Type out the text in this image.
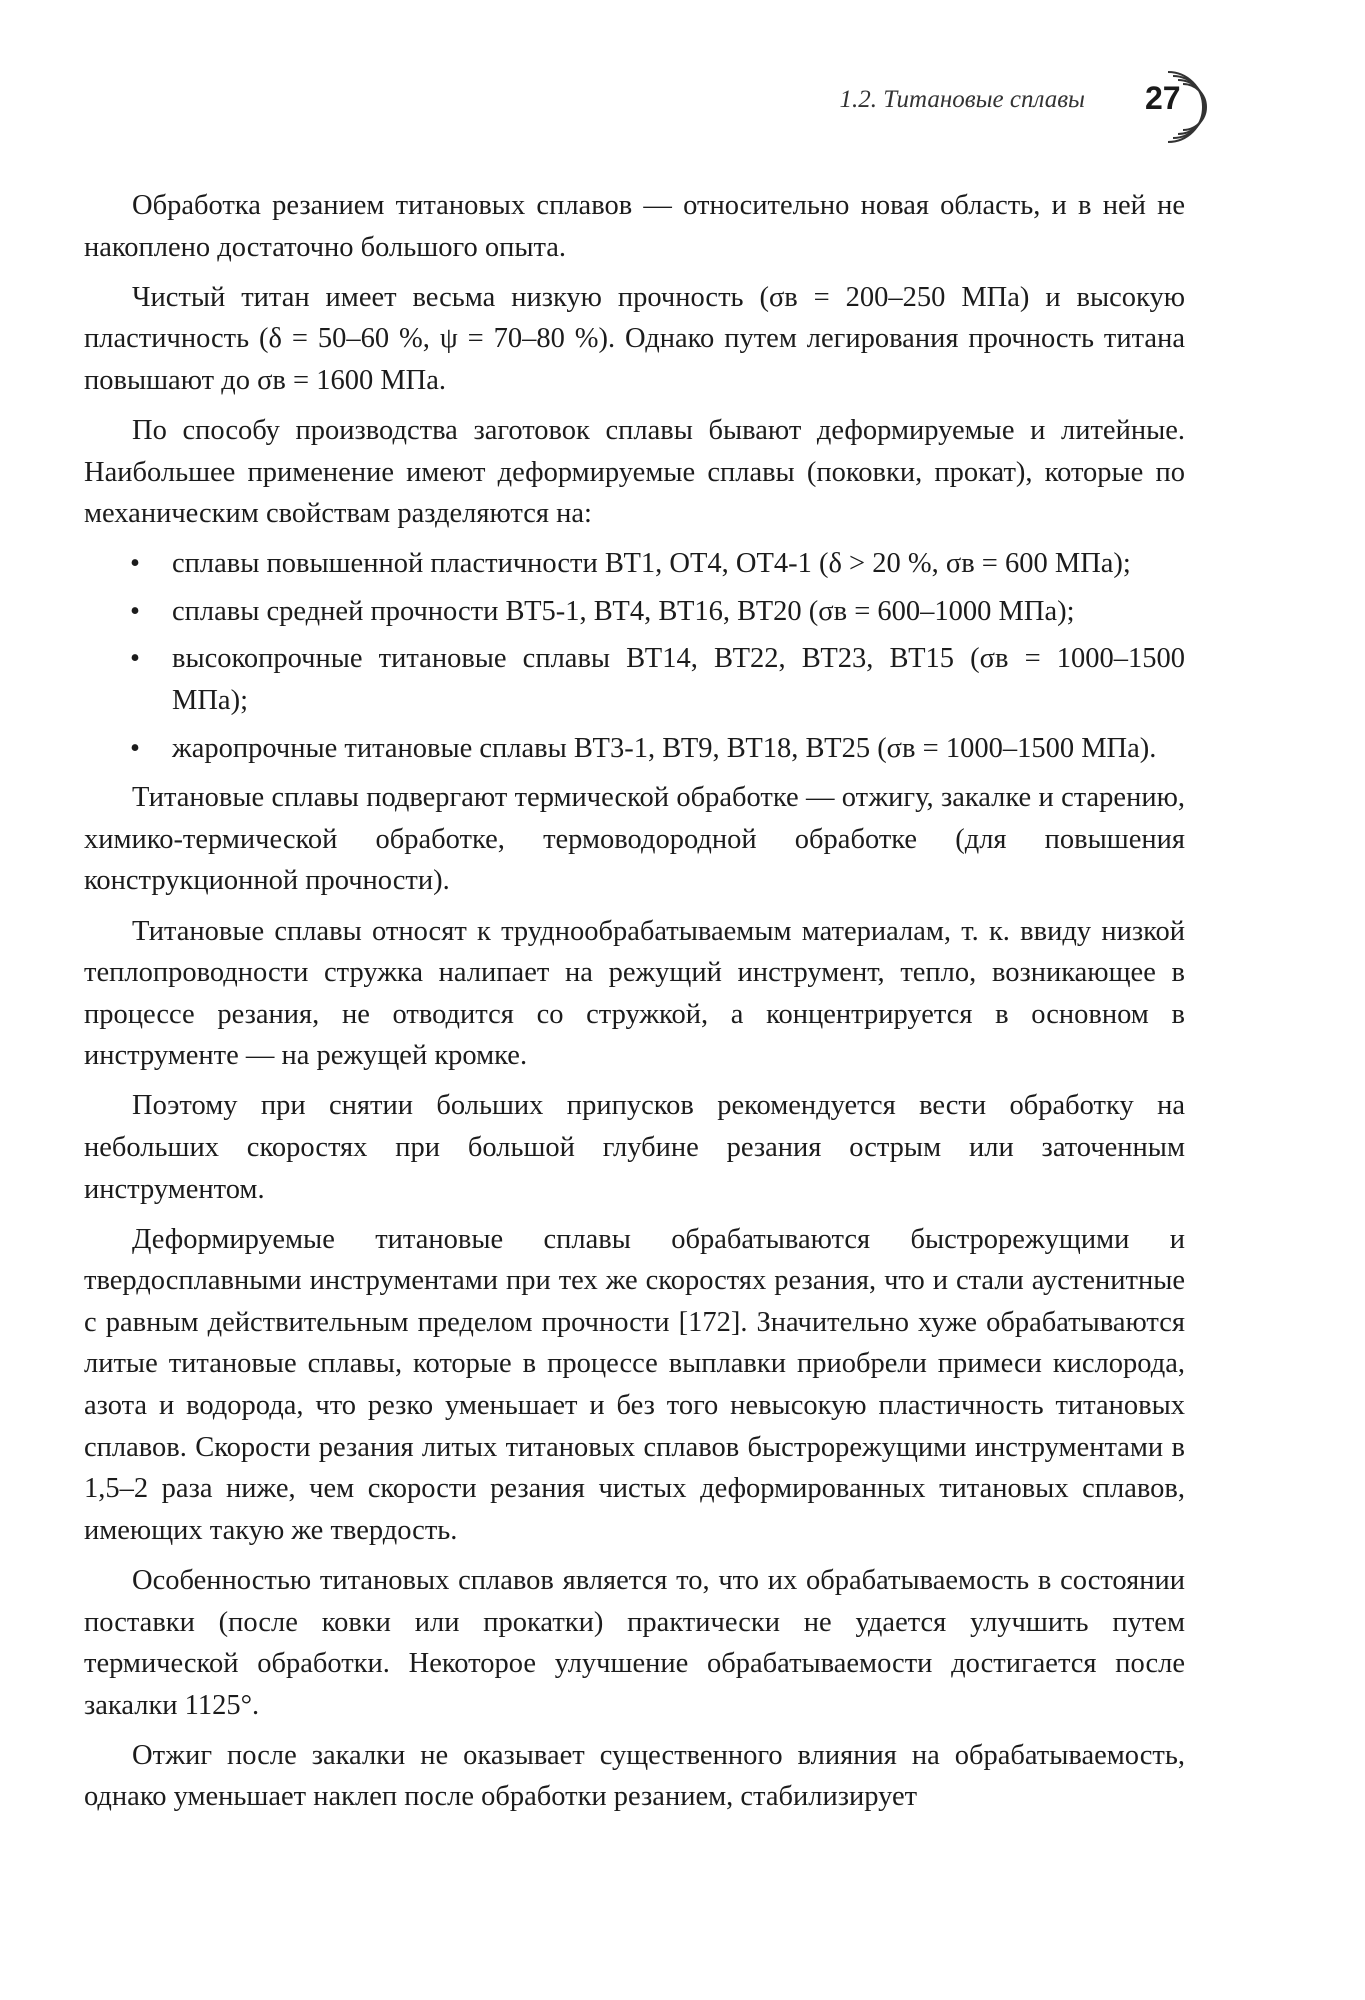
1.2. Титановые сплавы 27

Обработка резанием титановых сплавов — относительно новая область, и в ней не накоплено достаточно большого опыта.

Чистый титан имеет весьма низкую прочность (σв = 200–250 МПа) и высокую пластичность (δ = 50–60 %, ψ = 70–80 %). Однако путем легирования прочность титана повышают до σв = 1600 МПа.

По способу производства заготовок сплавы бывают деформируемые и литейные. Наибольшее применение имеют деформируемые сплавы (поковки, прокат), которые по механическим свойствам разделяются на:

• сплавы повышенной пластичности ВТ1, ОТ4, ОТ4-1 (δ > 20 %, σв = 600 МПа);
• сплавы средней прочности ВТ5-1, ВТ4, ВТ16, ВТ20 (σв = 600–1000 МПа);
• высокопрочные титановые сплавы ВТ14, ВТ22, ВТ23, ВТ15 (σв = 1000–1500 МПа);
• жаропрочные титановые сплавы ВТ3-1, ВТ9, ВТ18, ВТ25 (σв = 1000–1500 МПа).

Титановые сплавы подвергают термической обработке — отжигу, закалке и старению, химико-термической обработке, термоводородной обработке (для повышения конструкционной прочности).

Титановые сплавы относят к труднообрабатываемым материалам, т. к. ввиду низкой теплопроводности стружка налипает на режущий инструмент, тепло, возникающее в процессе резания, не отводится со стружкой, а концентрируется в основном в инструменте — на режущей кромке.

Поэтому при снятии больших припусков рекомендуется вести обработку на небольших скоростях при большой глубине резания острым или заточенным инструментом.

Деформируемые титановые сплавы обрабатываются быстрорежущими и твердосплавными инструментами при тех же скоростях резания, что и стали аустенитные с равным действительным пределом прочности [172]. Значительно хуже обрабатываются литые титановые сплавы, которые в процессе выплавки приобрели примеси кислорода, азота и водорода, что резко уменьшает и без того невысокую пластичность титановых сплавов. Скорости резания литых титановых сплавов быстрорежущими инструментами в 1,5–2 раза ниже, чем скорости резания чистых деформированных титановых сплавов, имеющих такую же твердость.

Особенностью титановых сплавов является то, что их обрабатываемость в состоянии поставки (после ковки или прокатки) практически не удается улучшить путем термической обработки. Некоторое улучшение обрабатываемости достигается после закалки 1125°.

Отжиг после закалки не оказывает существенного влияния на обрабатываемость, однако уменьшает наклеп после обработки резанием, стабилизирует
